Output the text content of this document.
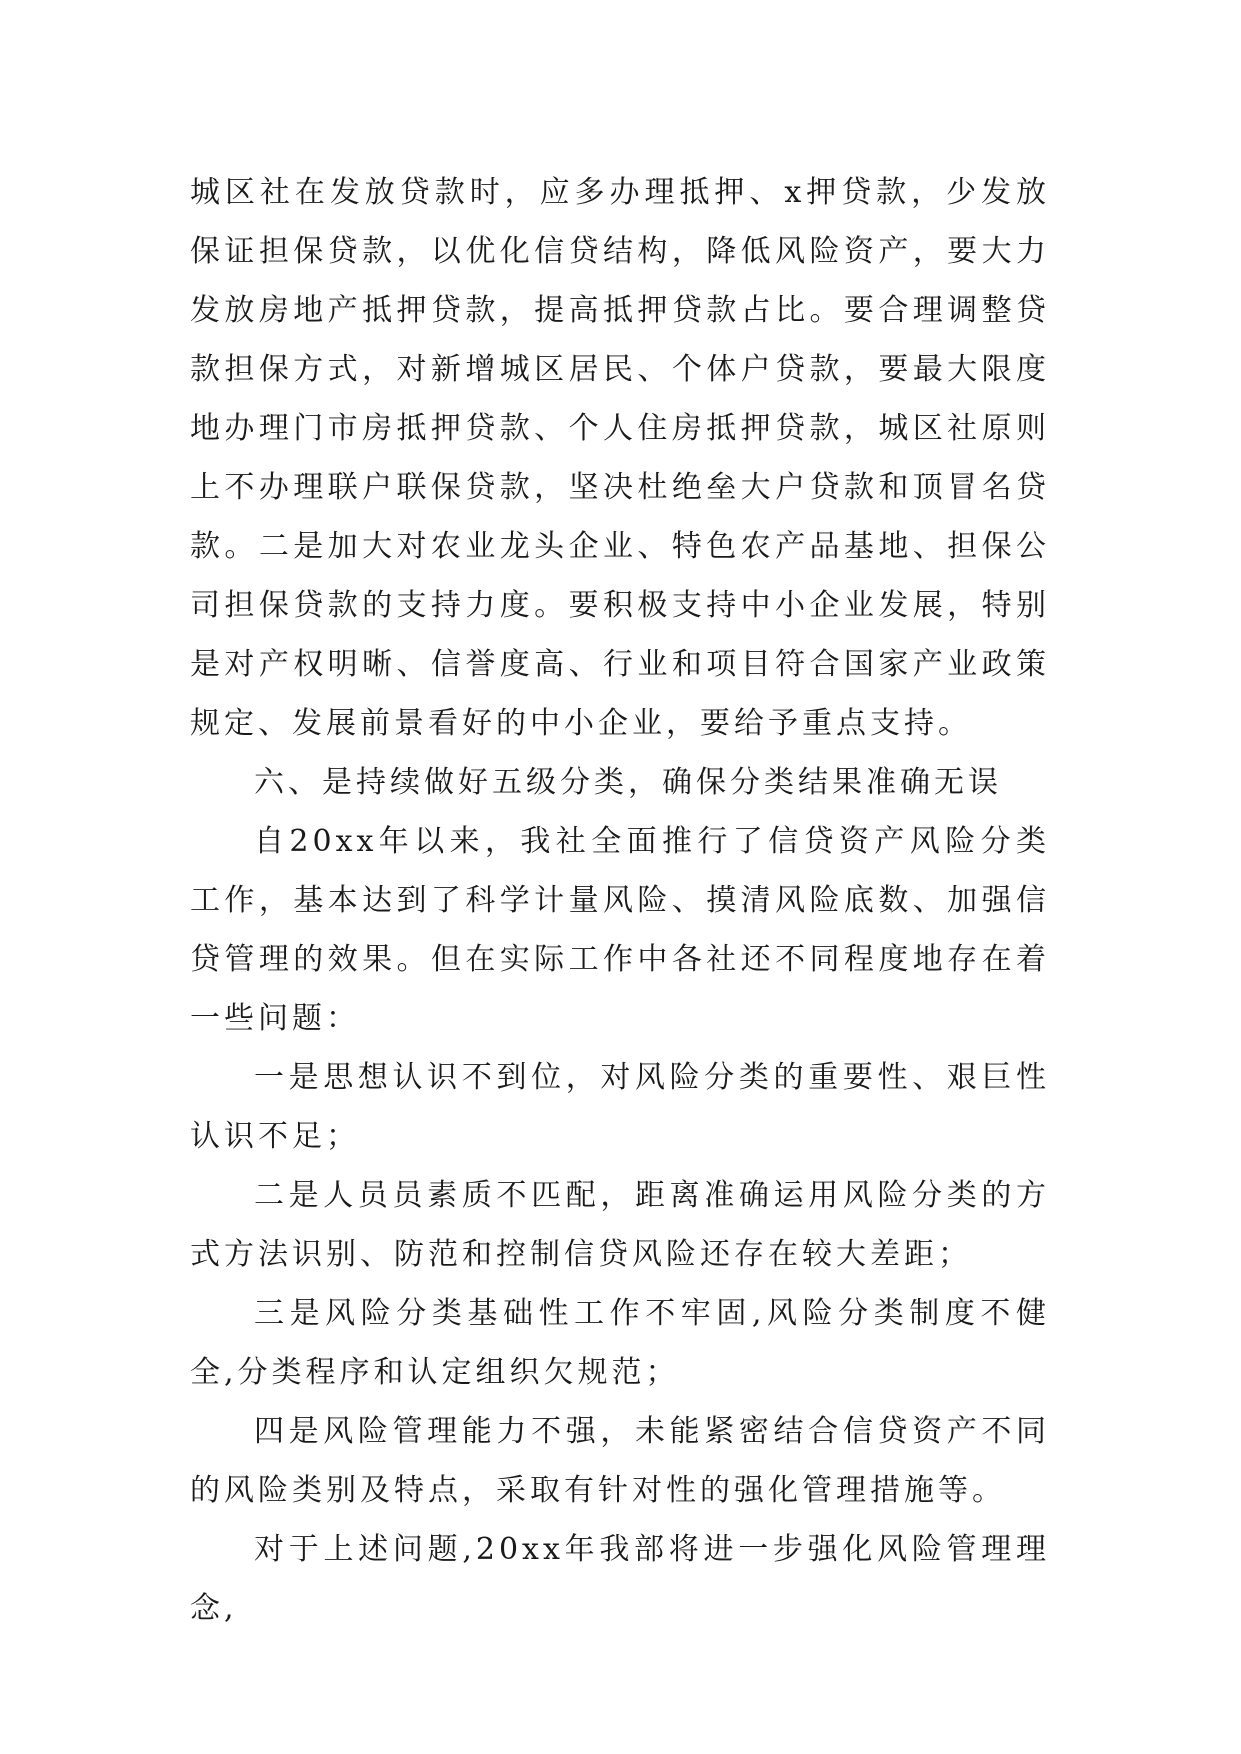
城区社在发放贷款时，应多办理抵押、x押贷款，少发放保证担保贷款，以优化信贷结构，降低风险资产，要大力发放房地产抵押贷款，提高抵押贷款占比。要合理调整贷款担保方式，对新增城区居民、个体户贷款，要最大限度地办理门市房抵押贷款、个人住房抵押贷款，城区社原则上不办理联户联保贷款，坚决杜绝垒大户贷款和顶冒名贷款。二是加大对农业龙头企业、特色农产品基地、担保公司担保贷款的支持力度。要积极支持中小企业发展，特别是对产权明晰、信誉度高、行业和项目符合国家产业政策规定、发展前景看好的中小企业，要给予重点支持。

六、是持续做好五级分类，确保分类结果准确无误

自20xx年以来，我社全面推行了信贷资产风险分类工作，基本达到了科学计量风险、摸清风险底数、加强信贷管理的效果。但在实际工作中各社还不同程度地存在着一些问题：

一是思想认识不到位，对风险分类的重要性、艰巨性认识不足；

二是人员员素质不匹配，距离准确运用风险分类的方式方法识别、防范和控制信贷风险还存在较大差距；

三是风险分类基础性工作不牢固,风险分类制度不健全,分类程序和认定组织欠规范；

四是风险管理能力不强，未能紧密结合信贷资产不同的风险类别及特点，采取有针对性的强化管理措施等。

对于上述问题,20xx年我部将进一步强化风险管理理念,
